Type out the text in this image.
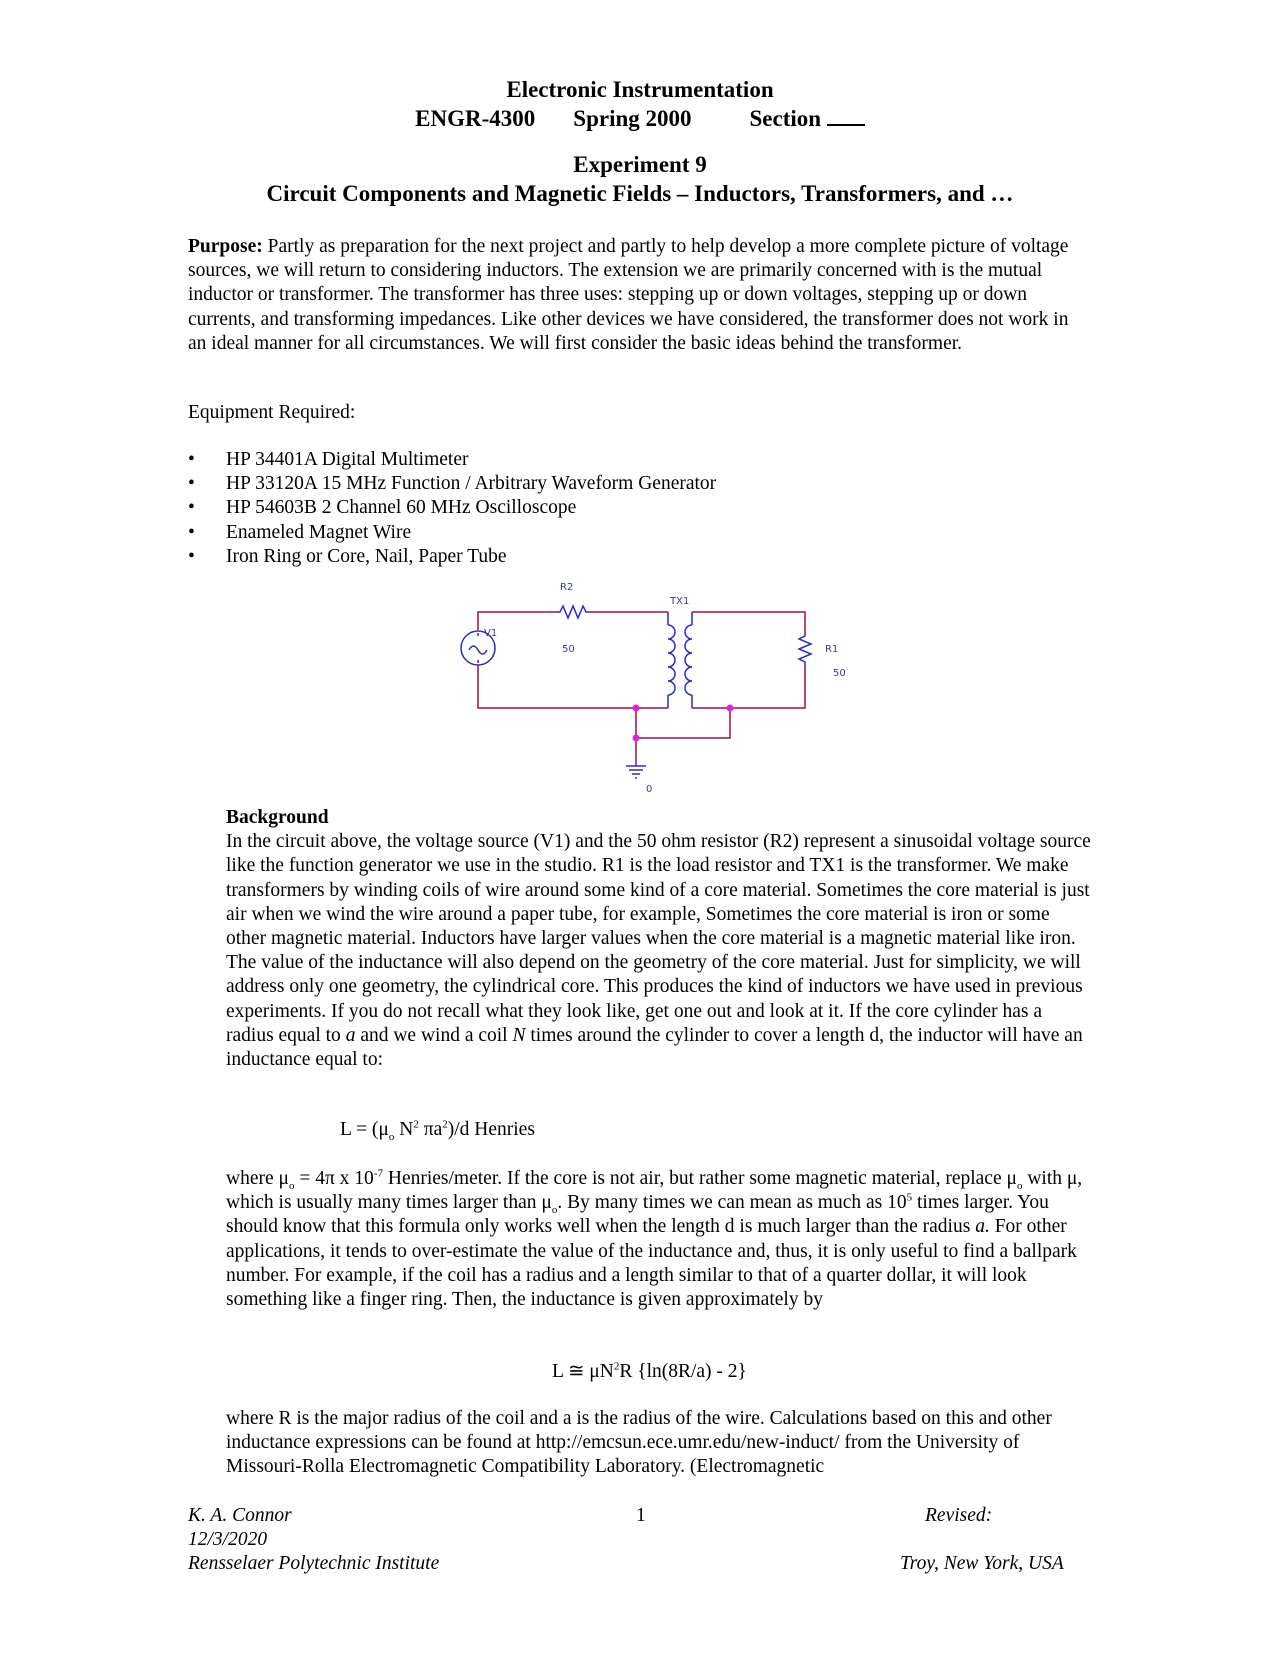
Electronic Instrumentation
ENGR-4300 Spring 2000	Section
Experiment 9
Circuit Components and Magnetic Fields – Inductors, Transformers, and …
Purpose: Partly as preparation for the next project and partly to help develop a more complete picture of voltage sources, we will return to considering inductors. The extension we are primarily concerned with is the mutual inductor or transformer. The transformer has three uses: stepping up or down voltages, stepping up or down currents, and transforming impedances. Like other devices we have considered, the transformer does not work in an ideal manner for all circumstances. We will first consider the basic ideas behind the transformer.
Equipment Required:
• HP 34401A Digital Multimeter
• HP 33120A 15 MHz Function / Arbitrary Waveform Generator
• HP 54603B 2 Channel 60 MHz Oscilloscope
• Enameled Magnet Wire
• Iron Ring or Core, Nail, Paper Tube
R2
50
TX1
V1
R1
50
0
Background
In the circuit above, the voltage source (V1) and the 50 ohm resistor (R2) represent a sinusoidal voltage source like the function generator we use in the studio. R1 is the load resistor and TX1 is the transformer. We make transformers by winding coils of wire around some kind of a core material. Sometimes the core material is just air when we wind the wire around a paper tube, for example, Sometimes the core material is iron or some other magnetic material. Inductors have larger values when the core material is a magnetic material like iron. The value of the inductance will also depend on the geometry of the core material. Just for simplicity, we will address only one geometry, the cylindrical core. This produces the kind of inductors we have used in previous experiments. If you do not recall what they look like, get one out and look at it. If the core cylinder has a radius equal to a and we wind a coil N times around the cylinder to cover a length d, the inductor will have an inductance equal to:
$L = (\mu_o$ $N^2$ $\pi a^2)/d$ Henries
where $\mu_o = 4\pi$ x $10^{-7}$ Henries/meter. If the core is not air, but rather some magnetic material, replace $\mu_o$ with μ, which is usually many times larger than $\mu_o$. By many times we can mean as much as $10^5$ times larger. You should know that this formula only works well when the length d is much larger than the radius a. For other applications, it tends to over-estimate the value of the inductance and, thus, it is only useful to find a ballpark number. For example, if the coil has a radius and a length similar to that of a quarter dollar, it will look something like a finger ring. Then, the inductance is given approximately by
L ≅ $\mu N^2R$ {ln(8R/a) - 2}
where R is the major radius of the coil and a is the radius of the wire. Calculations based on this and other inductance expressions can be found at http://emcsun.ece.umr.edu/new-induct/ from the University of Missouri-Rolla Electromagnetic Compatibility Laboratory. (Electromagnetic
K. A. Connor	1	Revised:
12/3/2020
Rensselaer Polytechnic Institute	Troy, New York, USA
